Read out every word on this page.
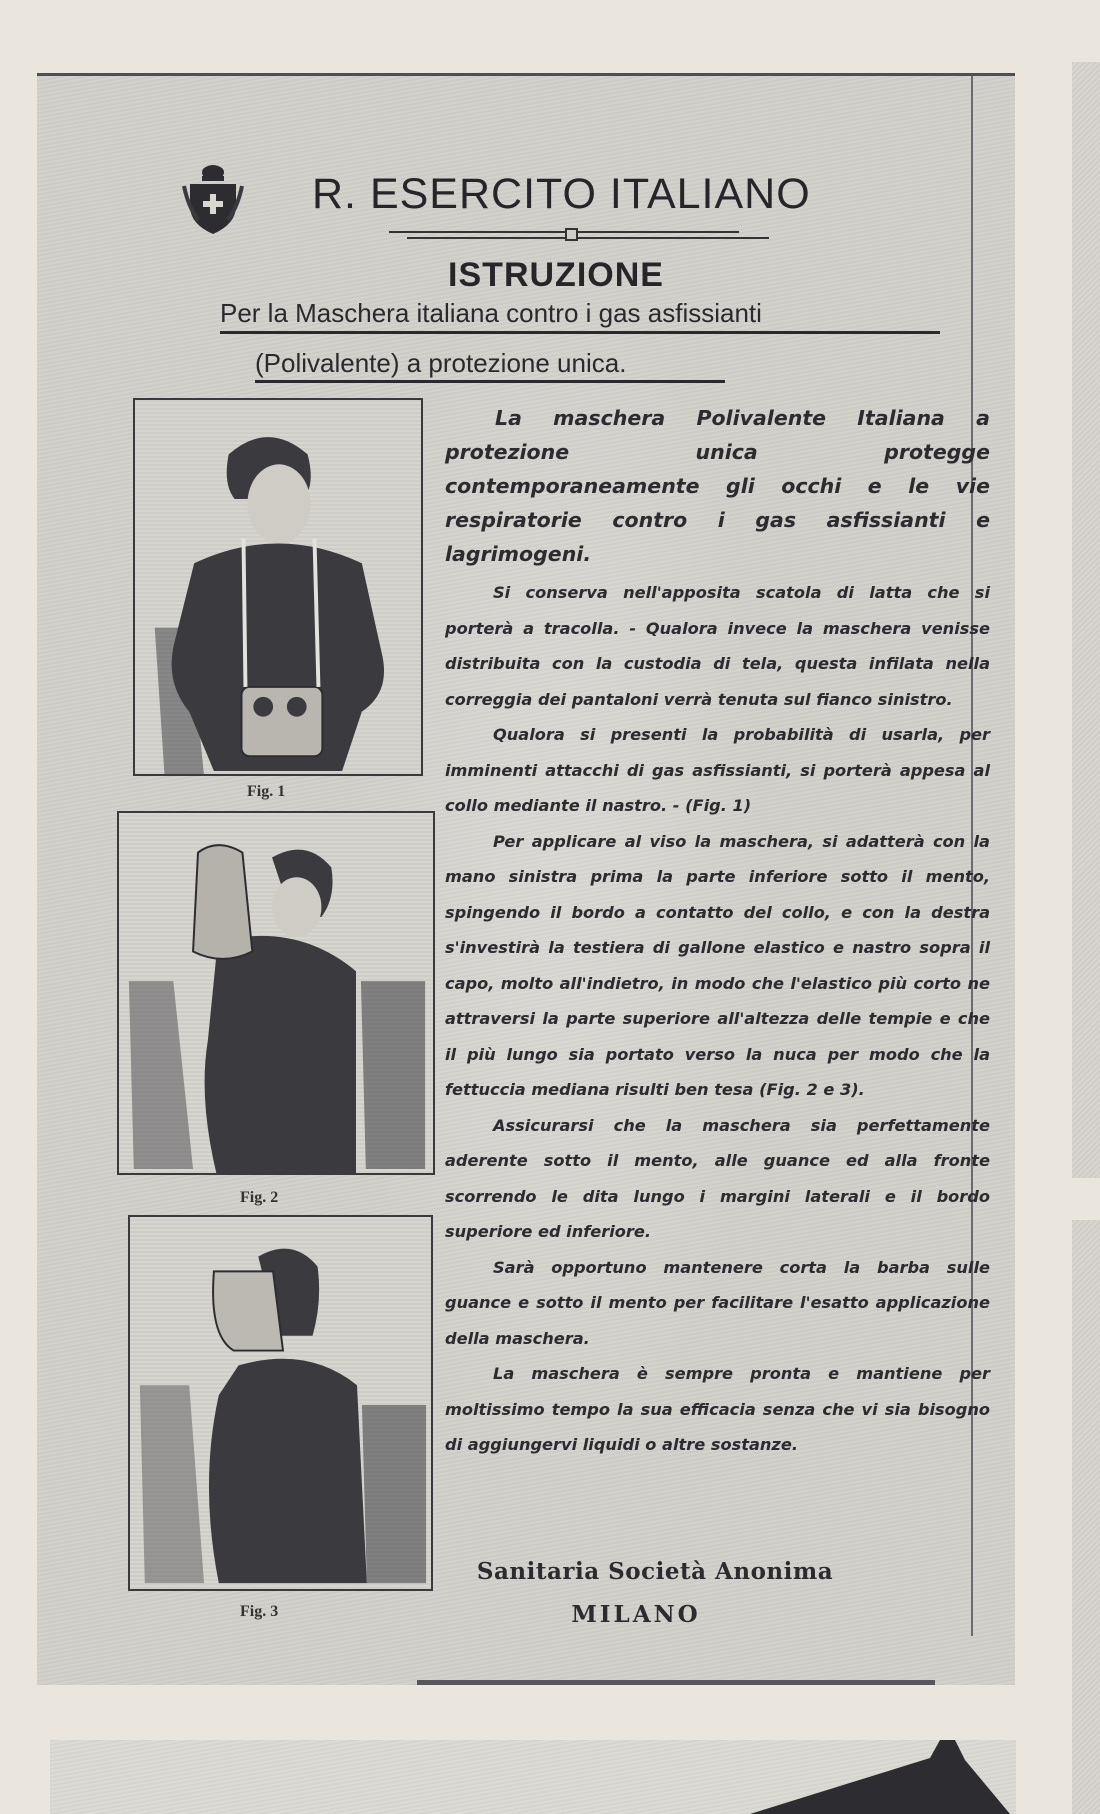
R. ESERCITO ITALIANO
ISTRUZIONE
Per la Maschera italiana contro i gas asfissianti
(Polivalente) a protezione unica.
Fig. 1
Fig. 2
Fig. 3

La maschera Polivalente Italiana a protezione unica protegge contemporaneamente gli occhi e le vie respiratorie contro i gas asfissianti e lagrimogeni.

Si conserva nell'apposita scatola di latta che si porterà a tracolla. - Qualora invece la maschera venisse distribuita con la custodia di tela, questa infilata nella correggia dei pantaloni verrà tenuta sul fianco sinistro.

Qualora si presenti la probabilità di usarla, per imminenti attacchi di gas asfissianti, si porterà appesa al collo mediante il nastro. - (Fig. 1)

Per applicare al viso la maschera, si adatterà con la mano sinistra prima la parte inferiore sotto il mento, spingendo il bordo a contatto del collo, e con la destra s'investirà la testiera di gallone elastico e nastro sopra il capo, molto all'indietro, in modo che l'elastico più corto ne attraversi la parte superiore all'altezza delle tempie e che il più lungo sia portato verso la nuca per modo che la fettuccia mediana risulti ben tesa (Fig. 2 e 3).

Assicurarsi che la maschera sia perfettamente aderente sotto il mento, alle guance ed alla fronte scorrendo le dita lungo i margini laterali e il bordo superiore ed inferiore.

Sarà opportuno mantenere corta la barba sulle guance e sotto il mento per facilitare l'esatto applicazione della maschera.

La maschera è sempre pronta e mantiene per moltissimo tempo la sua efficacia senza che vi sia bisogno di aggiungervi liquidi o altre sostanze.

Sanitaria Società Anonima
MILANO
